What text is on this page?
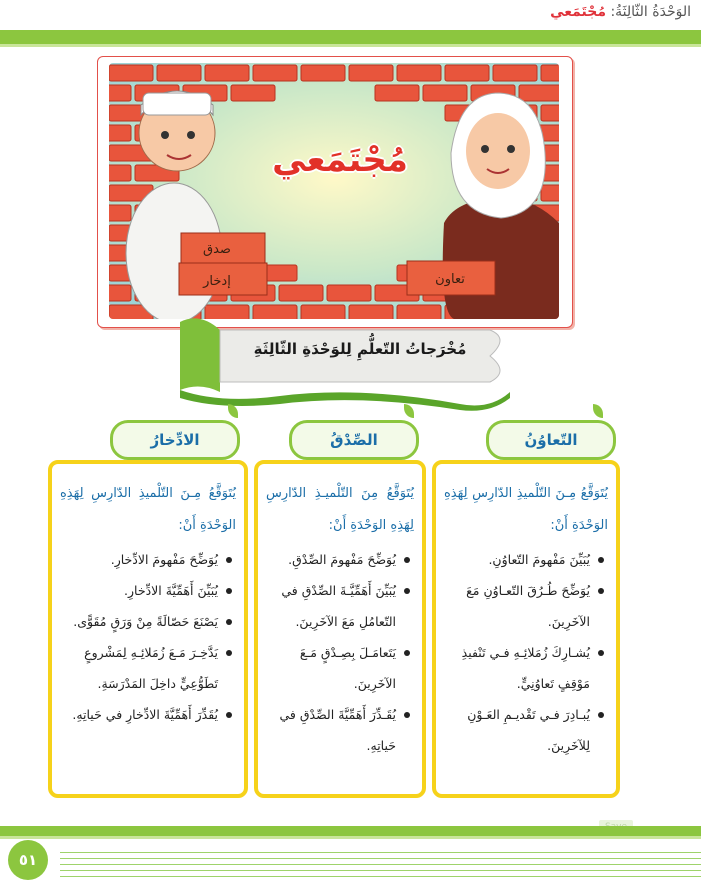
الوَحْدَةُ الثّالِثَةُ: مُجْتَمَعي
مُجْتَمَعي
صدق
إدخار	تعاون
مُخْرَجاتُ التّعلُّمِ لِلوَحْدَةِ الثّالِثَةِ
التّعاوُنُ
الصِّدْقُ
الادِّخارُ
يُتَوَقَّعُ مِـنَ التّلْميذِ الدّارِسِ لِهَذِهِ الوَحْدَةِ أَنْ:
يُبَيِّنَ مَفْهومَ التّعاوُنِ.
يُوَضِّحَ طُـرُقَ التّعـاوُنِ مَعَ الآخَرِينَ.
يُشـارِكَ زُمَلائِـهِ فـي تَنْفيذِ مَوْقِفٍ تَعاوُنِيٍّ.
يُبـادِرَ فـي تَقْديـمِ العَـوْنِ لِلآخَرِينَ.
يُتَوَقَّعُ مِنَ التّلْميـذِ الدّارِسِ لِهَذِهِ الوَحْدَةِ أَنْ:
يُوَضِّحَ مَفْهومَ الصِّدْقِ.
يُبَيِّنَ أَهَمِّيَّـةَ الصِّدْقِ في التّعامُلِ مَعَ الآخَرِينَ.
يَتَعامَـلَ بِصِـدْقٍ مَـعَ الآخَرِينَ.
يُقَـدِّرَ أَهَمِّيَّةَ الصِّدْقِ في حَياتِهِ.
يُتَوَقَّعُ مِـنَ التّلْميذِ الدّارِسِ لِهَذِهِ الوَحْدَةِ أَنْ:
يُوَضِّحَ مَفْهومَ الادِّخارِ.
يُبَيِّنَ أَهَمِّيَّةَ الادِّخارِ.
يَصْنَعَ حَصّالَةً مِنْ وَرَقٍ مُقَوًّى.
يَدَّخِـرَ مَـعَ زُمَلائِـهِ لِمَشْروعٍ تَطَوُّعِيٍّ داخِلَ المَدْرَسَةِ.
يُقَدِّرَ أَهَمِّيَّةَ الادِّخارِ في حَياتِهِ.
٥١
